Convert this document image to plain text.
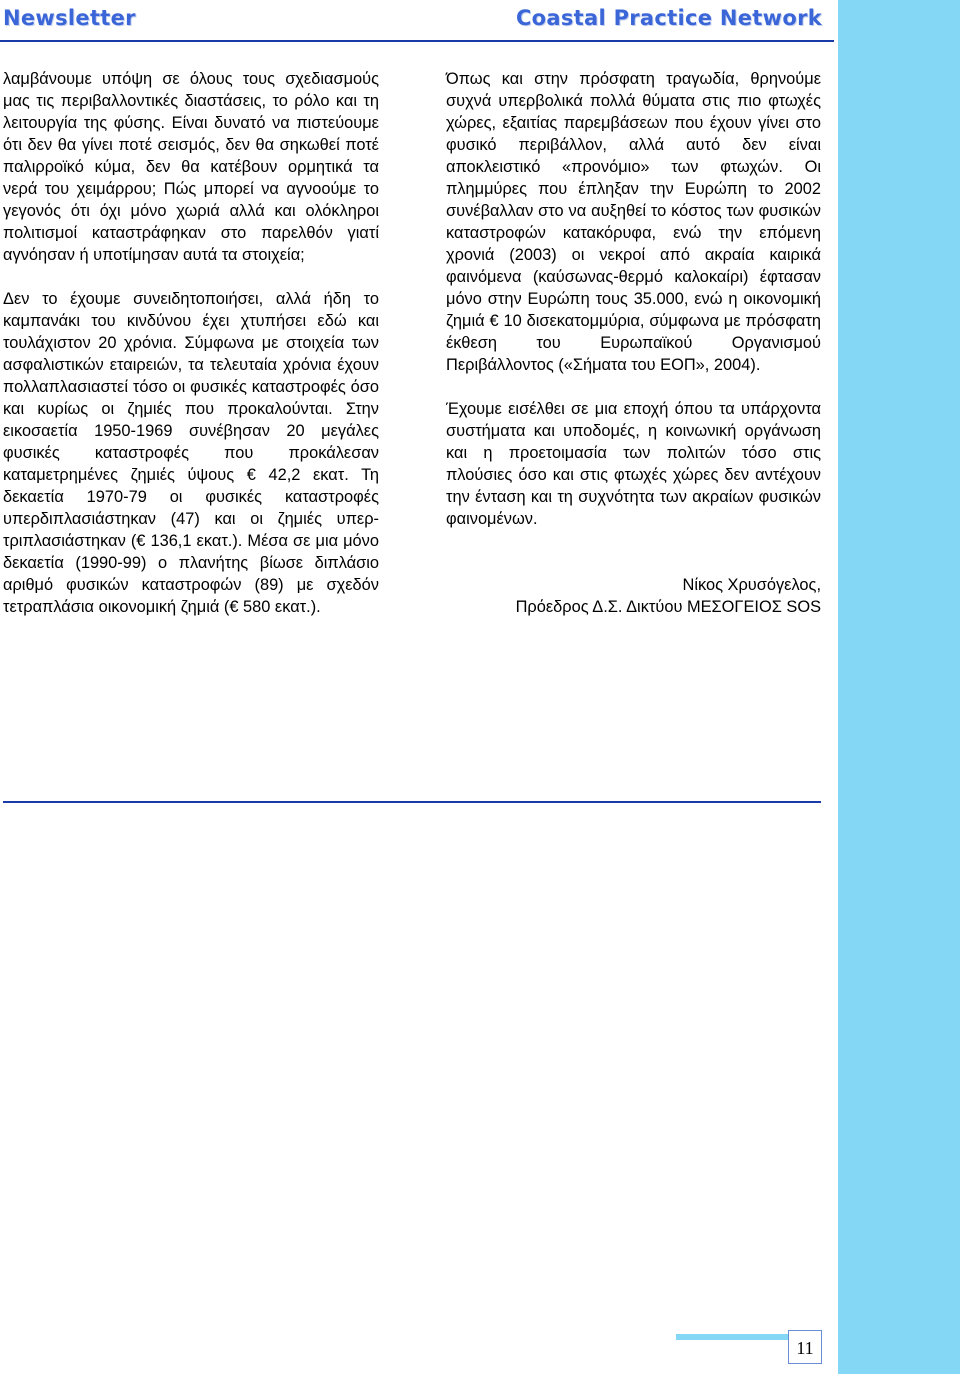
Newsletter	Coastal Practice Network

λαμβάνουμε υπόψη σε όλους τους σχεδιασμούς μας τις περιβαλλοντικές διαστάσεις, το ρόλο και τη λειτουργία της φύσης. Είναι δυνατό να πιστεύουμε ότι δεν θα γίνει ποτέ σεισμός, δεν θα σηκωθεί ποτέ παλιρροϊκό κύμα, δεν θα κατέβουν ορμητικά τα νερά του χειμάρρου; Πώς μπορεί να αγνοούμε το γεγονός ότι όχι μόνο χωριά αλλά και ολόκληροι πολιτισμοί καταστράφηκαν στο παρελθόν γιατί αγνόησαν ή υποτίμησαν αυτά τα στοιχεία;

Δεν το έχουμε συνειδητοποιήσει, αλλά ήδη το καμπανάκι του κινδύνου έχει χτυπήσει εδώ και τουλάχιστον 20 χρόνια. Σύμφωνα με στοιχεία των ασφαλιστικών εταιρειών, τα τελευταία χρόνια έχουν πολλαπλασιαστεί τόσο οι φυσικές καταστροφές όσο και κυρίως οι ζημιές που προκαλούνται. Στην εικοσαετία 1950-1969 συνέβησαν 20 μεγάλες φυσικές καταστροφές που προκάλεσαν καταμετρημένες ζημιές ύψους € 42,2 εκατ. Τη δεκαετία 1970-79 οι φυσικές καταστροφές υπερδιπλασιάστηκαν (47) και οι ζημιές υπερ-τριπλασιάστηκαν (€ 136,1 εκατ.). Μέσα σε μια μόνο δεκαετία (1990-99) ο πλανήτης βίωσε διπλάσιο αριθμό φυσικών καταστροφών (89) με σχεδόν τετραπλάσια οικονομική ζημιά (€ 580 εκατ.).

Όπως και στην πρόσφατη τραγωδία, θρηνούμε συχνά υπερβολικά πολλά θύματα στις πιο φτωχές χώρες, εξαιτίας παρεμβάσεων που έχουν γίνει στο φυσικό περιβάλλον, αλλά αυτό δεν είναι αποκλειστικό «προνόμιο» των φτωχών. Οι πλημμύρες που έπληξαν την Ευρώπη το 2002 συνέβαλλαν στο να αυξηθεί το κόστος των φυσικών καταστροφών κατακόρυφα, ενώ την επόμενη χρονιά (2003) οι νεκροί από ακραία καιρικά φαινόμενα (καύσωνας-θερμό καλοκαίρι) έφτασαν μόνο στην Ευρώπη τους 35.000, ενώ η οικονομική ζημιά € 10 δισεκατομμύρια, σύμφωνα με πρόσφατη έκθεση του Ευρωπαϊκού Οργανισμού Περιβάλλοντος («Σήματα του ΕΟΠ», 2004).

Έχουμε εισέλθει σε μια εποχή όπου τα υπάρχοντα συστήματα και υποδομές, η κοινωνική οργάνωση και η προετοιμασία των πολιτών τόσο στις πλούσιες όσο και στις φτωχές χώρες δεν αντέχουν την ένταση και τη συχνότητα των ακραίων φυσικών φαινομένων.

Νίκος Χρυσόγελος,
Πρόεδρος Δ.Σ. Δικτύου ΜΕΣΟΓΕΙΟΣ SOS
11
